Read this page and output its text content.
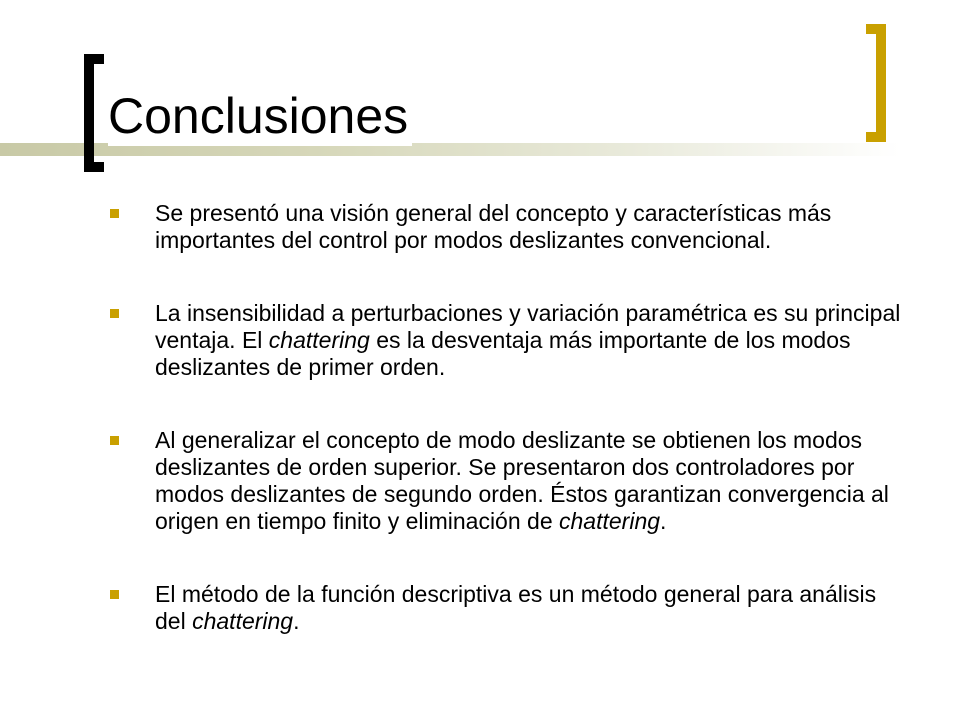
Conclusiones
Se presentó una visión general del concepto y características más importantes del control por modos deslizantes convencional.
La insensibilidad a perturbaciones y variación paramétrica es su principal ventaja. El chattering es la desventaja más importante de los modos deslizantes de primer orden.
Al generalizar el concepto de modo deslizante se obtienen los modos deslizantes de orden superior. Se presentaron dos controladores por modos deslizantes de segundo orden. Éstos garantizan convergencia al origen en tiempo finito y eliminación de chattering.
El método de la función descriptiva es un método general para análisis del chattering.
